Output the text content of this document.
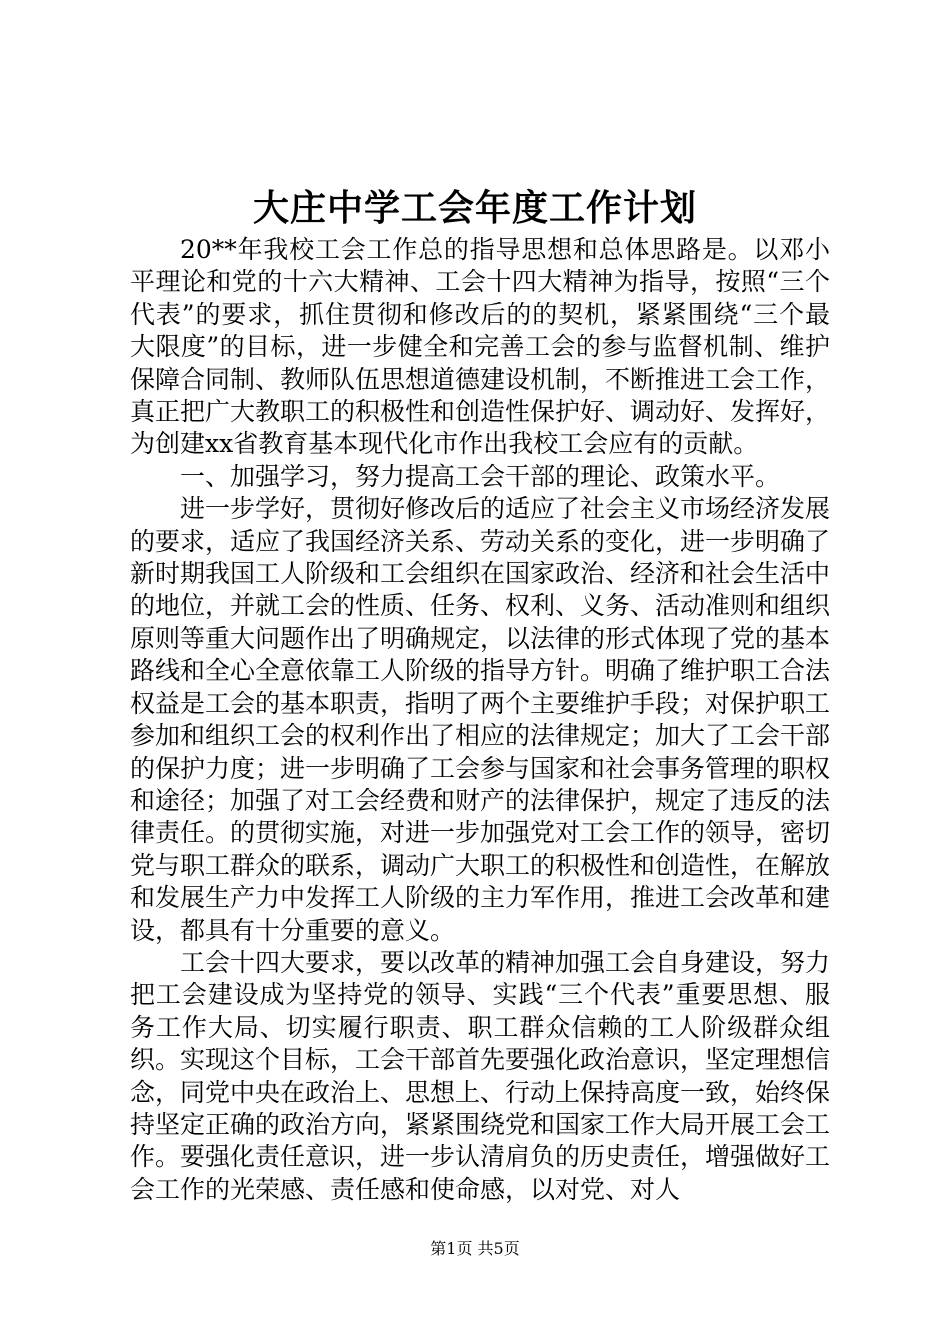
大庄中学工会年度工作计划

20**年我校工会工作总的指导思想和总体思路是。以邓小平理论和党的十六大精神、工会十四大精神为指导，按照“三个代表”的要求，抓住贯彻和修改后的的契机，紧紧围绕“三个最大限度”的目标，进一步健全和完善工会的参与监督机制、维护保障合同制、教师队伍思想道德建设机制，不断推进工会工作，真正把广大教职工的积极性和创造性保护好、调动好、发挥好，为创建xx省教育基本现代化市作出我校工会应有的贡献。

一、加强学习，努力提高工会干部的理论、政策水平。

进一步学好，贯彻好修改后的适应了社会主义市场经济发展的要求，适应了我国经济关系、劳动关系的变化，进一步明确了新时期我国工人阶级和工会组织在国家政治、经济和社会生活中的地位，并就工会的性质、任务、权利、义务、活动准则和组织原则等重大问题作出了明确规定，以法律的形式体现了党的基本路线和全心全意依靠工人阶级的指导方针。明确了维护职工合法权益是工会的基本职责，指明了两个主要维护手段；对保护职工参加和组织工会的权利作出了相应的法律规定；加大了工会干部的保护力度；进一步明确了工会参与国家和社会事务管理的职权和途径；加强了对工会经费和财产的法律保护，规定了违反的法律责任。的贯彻实施，对进一步加强党对工会工作的领导，密切党与职工群众的联系，调动广大职工的积极性和创造性，在解放和发展生产力中发挥工人阶级的主力军作用，推进工会改革和建设，都具有十分重要的意义。

工会十四大要求，要以改革的精神加强工会自身建设，努力把工会建设成为坚持党的领导、实践“三个代表”重要思想、服务工作大局、切实履行职责、职工群众信赖的工人阶级群众组织。实现这个目标，工会干部首先要强化政治意识，坚定理想信念，同党中央在政治上、思想上、行动上保持高度一致，始终保持坚定正确的政治方向，紧紧围绕党和国家工作大局开展工会工作。要强化责任意识，进一步认清肩负的历史责任，增强做好工会工作的光荣感、责任感和使命感，以对党、对人

第1页 共5页
